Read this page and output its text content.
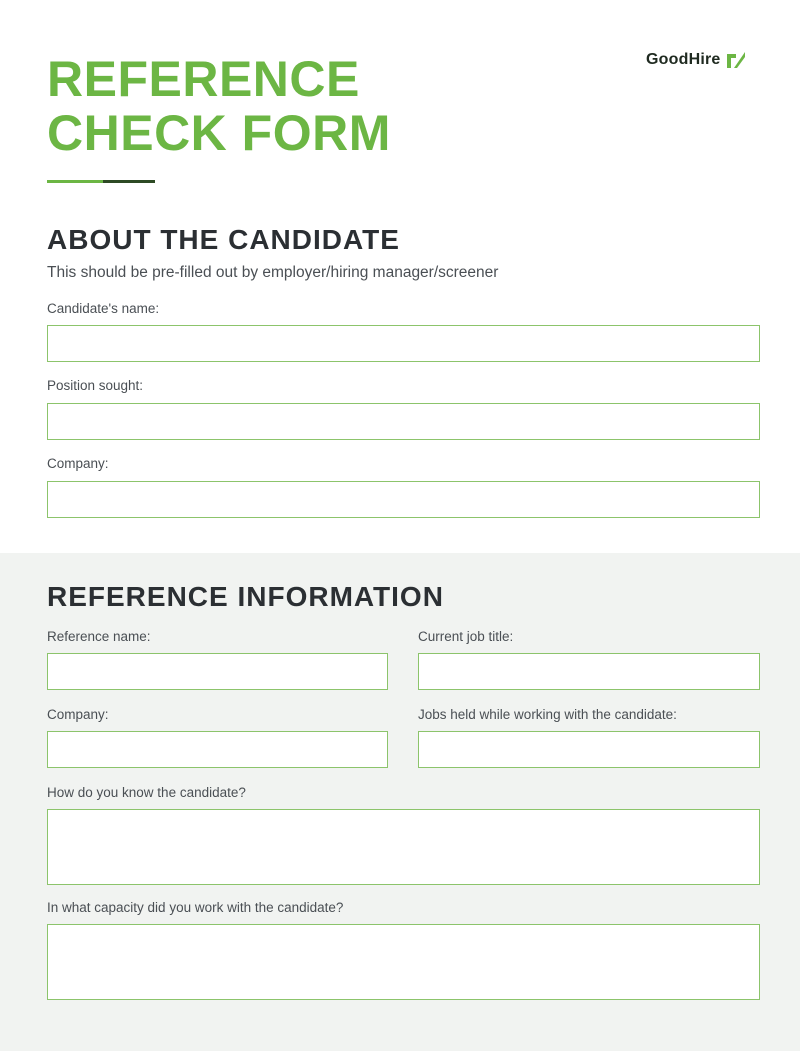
REFERENCE
CHECK FORM
GoodHire
ABOUT THE CANDIDATE

This should be pre-filled out by employer/hiring manager/screener

Candidate's name:
Position sought:
Company:
REFERENCE INFORMATION
Reference name:	Current job title:
Company:	Jobs held while working with the candidate:
How do you know the candidate?
In what capacity did you work with the candidate?
